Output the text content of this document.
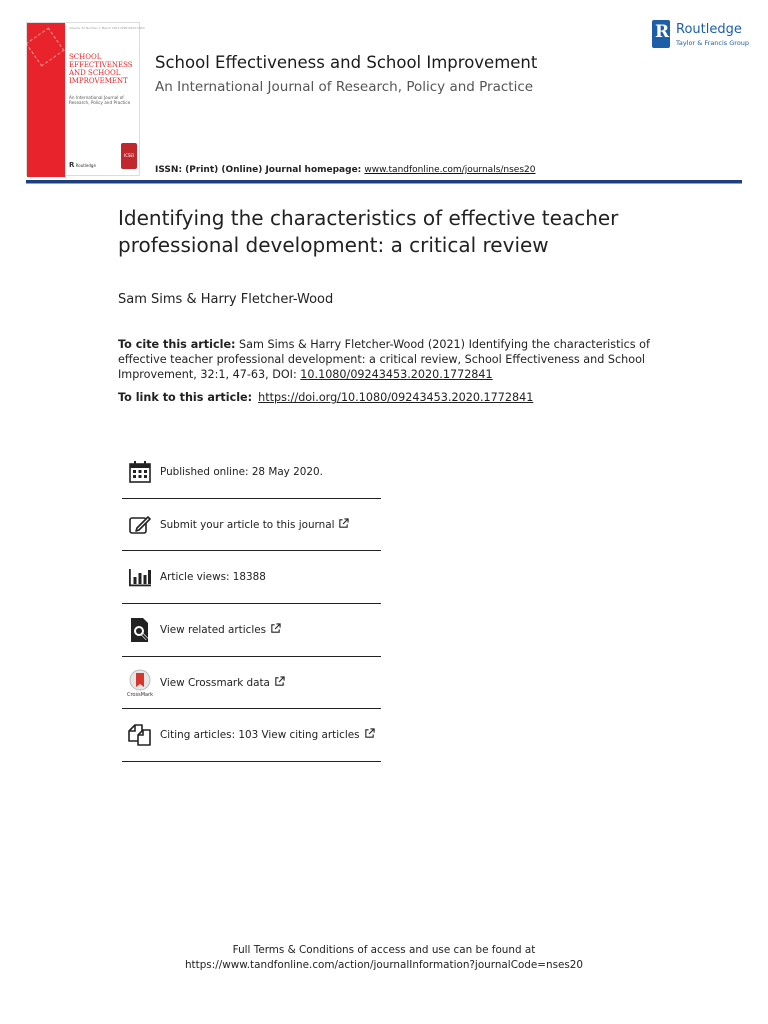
Volume 32 Number 1 March 2021 ISSN 0924-3453
SCHOOL EFFECTIVENESS AND SCHOOL IMPROVEMENT
An International Journal of Research, Policy and Practice
R Routledge
ICSEI
School Effectiveness and School Improvement
An International Journal of Research, Policy and Practice
ISSN: (Print) (Online) Journal homepage: www.tandfonline.com/journals/nses20
R
Routledge
Taylor & Francis Group
Identifying the characteristics of effective teacher professional development: a critical review
Sam Sims & Harry Fletcher-Wood
To cite this article: Sam Sims & Harry Fletcher-Wood (2021) Identifying the characteristics of effective teacher professional development: a critical review, School Effectiveness and School Improvement, 32:1, 47-63, DOI: 10.1080/09243453.2020.1772841
To link to this article: https://doi.org/10.1080/09243453.2020.1772841
Published online: 28 May 2020.
Submit your article to this journal
Article views: 18388
View related articles
CrossMark
View Crossmark data
Citing articles: 103 View citing articles
Full Terms & Conditions of access and use can be found at
https://www.tandfonline.com/action/journalInformation?journalCode=nses20
